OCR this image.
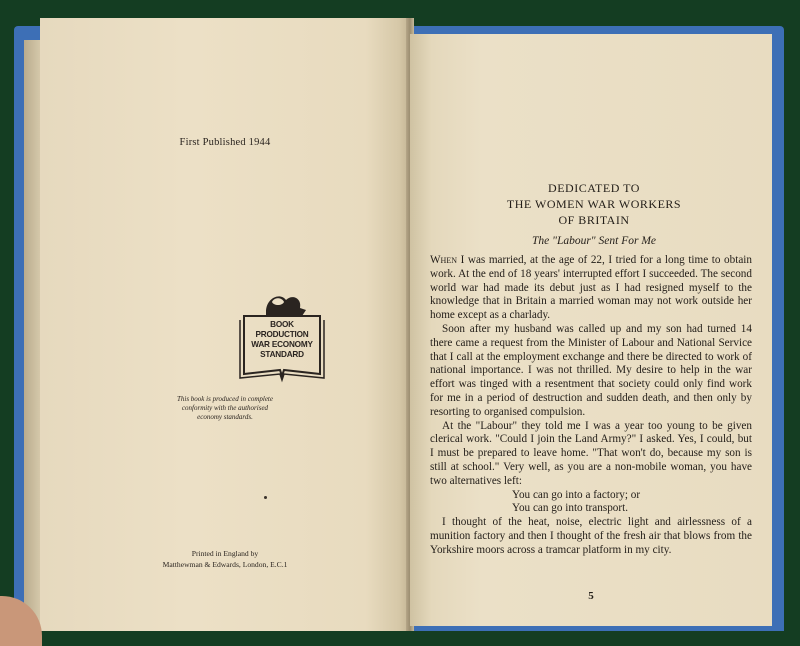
First Published 1944
BOOK
PRODUCTION
WAR ECONOMY
STANDARD
This book is produced in complete
conformity with the authorised
economy standards.
Printed in England by
Matthewman & Edwards, London, E.C.1
DEDICATED TO
THE WOMEN WAR WORKERS
OF BRITAIN
The "Labour" Sent For Me

When I was married, at the age of 22, I tried for a long time to obtain work. At the end of 18 years' interrupted effort I succeeded. The second world war had made its debut just as I had resigned myself to the knowledge that in Britain a married woman may not work outside her home except as a charlady.

Soon after my husband was called up and my son had turned 14 there came a request from the Minister of Labour and National Service that I call at the employment exchange and there be directed to work of national importance. I was not thrilled. My desire to help in the war effort was tinged with a resentment that society could only find work for me in a period of destruction and sudden death, and then only by resorting to organised compulsion.

At the "Labour" they told me I was a year too young to be given clerical work. "Could I join the Land Army?" I asked. Yes, I could, but I must be prepared to leave home. "That won't do, because my son is still at school." Very well, as you are a non-mobile woman, you have two alternatives left:

You can go into a factory; or

You can go into transport.

I thought of the heat, noise, electric light and airlessness of a munition factory and then I thought of the fresh air that blows from the Yorkshire moors across a tramcar platform in my city.

5
